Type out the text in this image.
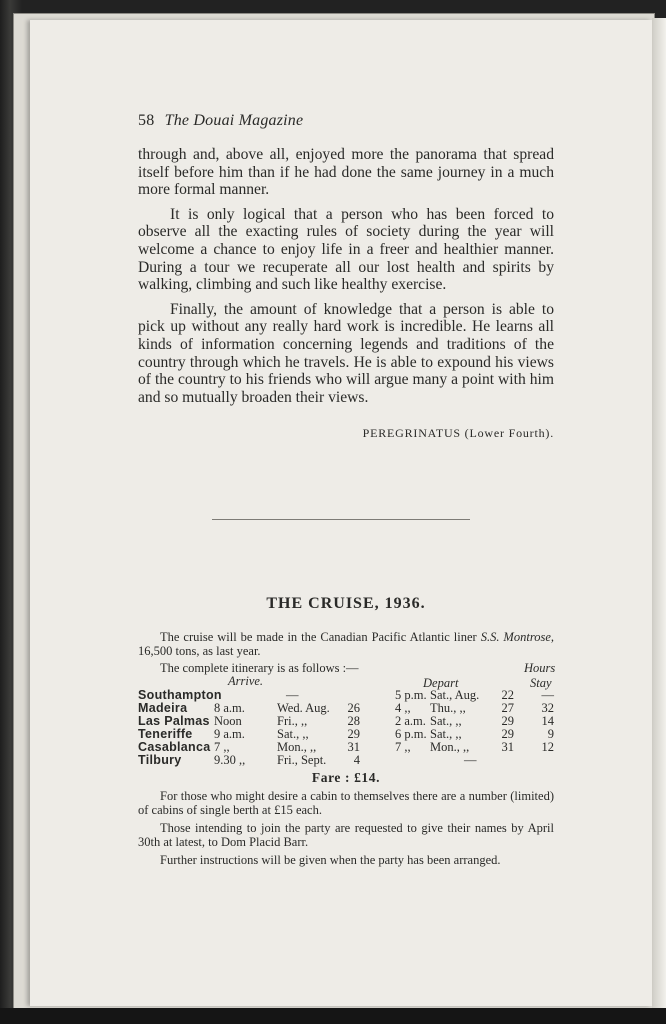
58 The Douai Magazine

through and, above all, enjoyed more the panorama that spread itself before him than if he had done the same journey in a much more formal manner.

It is only logical that a person who has been forced to observe all the exacting rules of society during the year will welcome a chance to enjoy life in a freer and healthier manner. During a tour we recuperate all our lost health and spirits by walking, climbing and such like healthy exercise.

Finally, the amount of knowledge that a person is able to pick up without any really hard work is incredible. He learns all kinds of information concerning legends and traditions of the country through which he travels. He is able to expound his views of the country to his friends who will argue many a point with him and so mutually broaden their views.

PEREGRINATUS (Lower Fourth).
THE CRUISE, 1936.

The cruise will be made in the Canadian Pacific Atlantic liner S.S. Montrose, 16,500 tons, as last year.

The complete itinerary is as follows :—	Hours
Arrive.	Depart	Stay
Southampton	—	5 p.m. Sat., Aug.	22	—
Madeira 8 a.m.	Wed. Aug.	26	4 ,, Thu., ,,	27	32
Las Palmas Noon	Fri., ,,	28	2 a.m. Sat., ,,	29	14
Teneriffe 9 a.m.	Sat., ,,	29	6 p.m. Sat., ,,	29	9
Casablanca 7 ,,	Mon., ,,	31	7 ,, Mon., ,,	31	12
Tilbury	9.30 ,,	Fri., Sept.	4	—
Fare : £14.

For those who might desire a cabin to themselves there are a number (limited) of cabins of single berth at £15 each.

Those intending to join the party are requested to give their names by April 30th at latest, to Dom Placid Barr.

Further instructions will be given when the party has been arranged.
